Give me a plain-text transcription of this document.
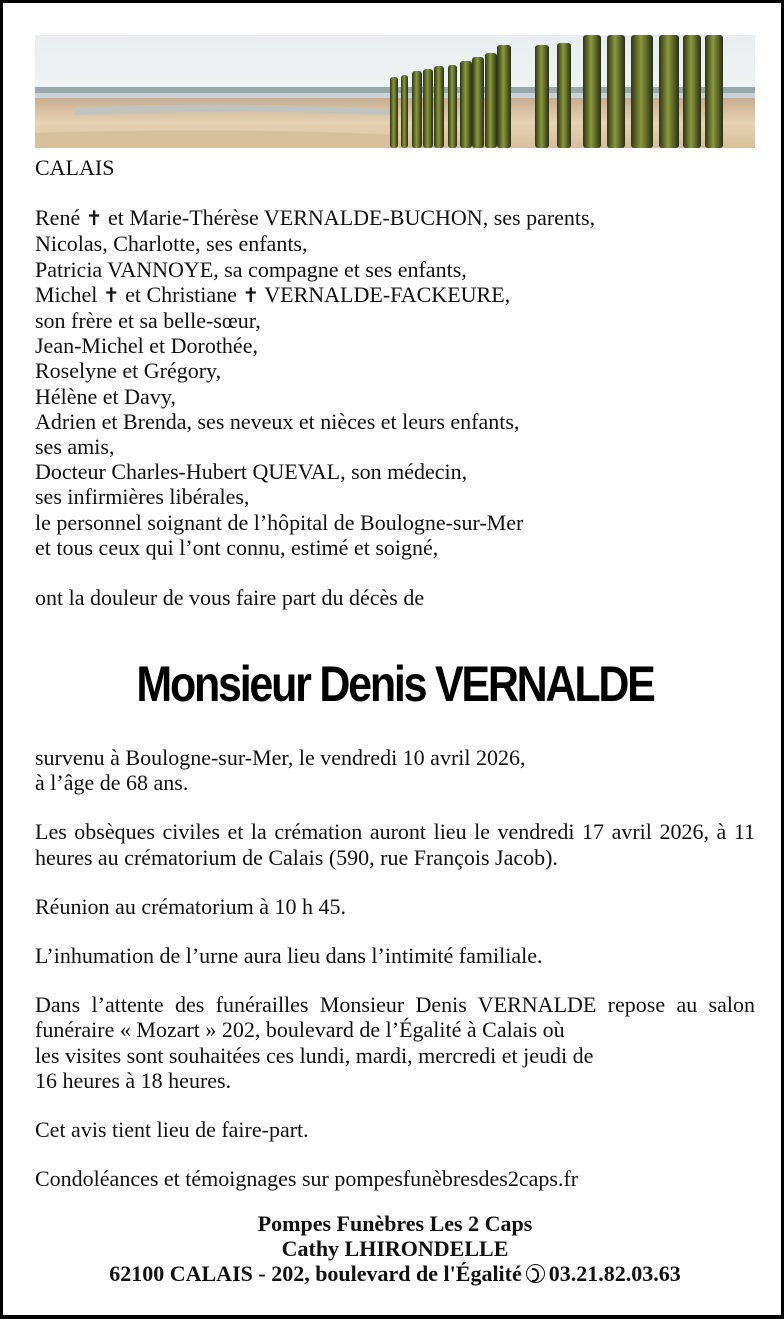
CALAIS
René ✝ et Marie-Thérèse VERNALDE-BUCHON, ses parents,
Nicolas, Charlotte, ses enfants,
Patricia VANNOYE, sa compagne et ses enfants,
Michel ✝ et Christiane ✝ VERNALDE-FACKEURE,
son frère et sa belle-sœur,
Jean-Michel et Dorothée,
Roselyne et Grégory,
Hélène et Davy,
Adrien et Brenda, ses neveux et nièces et leurs enfants,
ses amis,
Docteur Charles-Hubert QUEVAL, son médecin,
ses infirmières libérales,
le personnel soignant de l’hôpital de Boulogne-sur-Mer
et tous ceux qui l’ont connu, estimé et soigné,
ont la douleur de vous faire part du décès de
Monsieur Denis VERNALDE
survenu à Boulogne-sur-Mer, le vendredi 10 avril 2026,
à l’âge de 68 ans.
Les obsèques civiles et la crémation auront lieu le vendredi 17 avril 2026, à 11 heures au crématorium de Calais (590, rue François Jacob).
Réunion au crématorium à 10 h 45.
L’inhumation de l’urne aura lieu dans l’intimité familiale.
Dans l’attente des funérailles Monsieur Denis VERNALDE repose au salon funéraire « Mozart » 202, boulevard de l’Égalité à Calais où
les visites sont souhaitées ces lundi, mardi, mercredi et jeudi de
16 heures à 18 heures.
Cet avis tient lieu de faire-part.
Condoléances et témoignages sur pompesfunèbresdes2caps.fr
Pompes Funèbres Les 2 Caps
Cathy LHIRONDELLE
62100 CALAIS - 202, boulevard de l'Égalité 03.21.82.03.63
